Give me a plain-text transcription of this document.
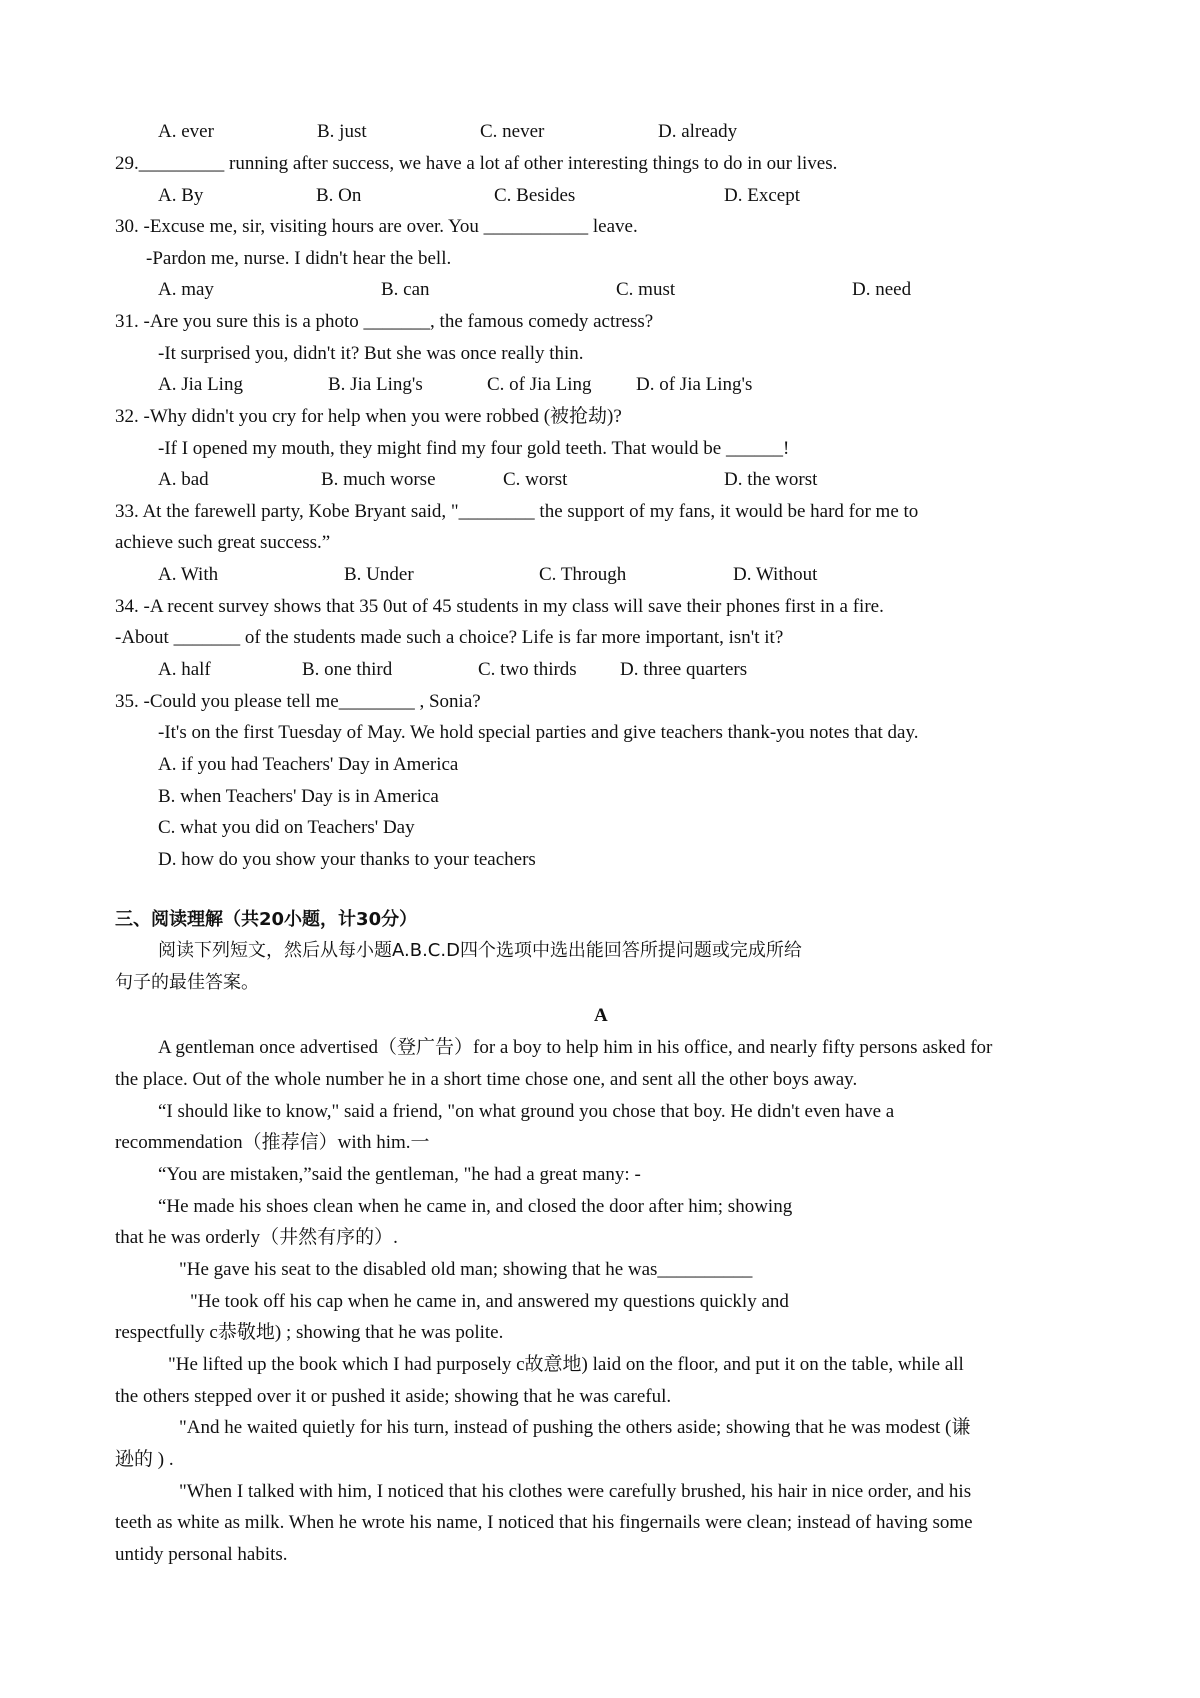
A. ever	B. just	C. never	D. already
29._________ running after success, we have a lot af other interesting things to do in our lives.
A. By	B. On	C. Besides	D. Except
30. -Excuse me, sir, visiting hours are over. You ___________ leave.
-Pardon me, nurse. I didn't hear the bell.
A. may	B. can	C. must	D. need
31. -Are you sure this is a photo _______, the famous comedy actress?
-It surprised you, didn't it? But she was once really thin.
A. Jia Ling	B. Jia Ling's	C. of Jia Ling D. of Jia Ling's
32. -Why didn't you cry for help when you were robbed (被抢劫)?
-If I opened my mouth, they might find my four gold teeth. That would be ______!
A. bad	B. much worse	C. worst	D. the worst
33. At the farewell party, Kobe Bryant said, "________ the support of my fans, it would be hard for me to
achieve such great success.”
A. With	B. Under	C. Through	D. Without
34. -A recent survey shows that 35 0ut of 45 students in my class will save their phones first in a fire.
-About _______ of the students made such a choice? Life is far more important, isn't it?
A. half	B. one third	C. two thirds D. three quarters
35. -Could you please tell me________ , Sonia?
-It's on the first Tuesday of May. We hold special parties and give teachers thank-you notes that day.
A. if you had Teachers' Day in America
B. when Teachers' Day is in America
C. what you did on Teachers' Day
D. how do you show your thanks to your teachers
三、阅读理解（共20小题，计30分）
阅读下列短文，然后从每小题A.B.C.D四个选项中选出能回答所提问题或完成所给
句子的最佳答案。
A
A gentleman once advertised（登广告）for a boy to help him in his office, and nearly fifty persons asked for
the place. Out of the whole number he in a short time chose one, and sent all the other boys away.
“I should like to know," said a friend, "on what ground you chose that boy. He didn't even have a
recommendation（推荐信）with him.一
“You are mistaken,”said the gentleman, "he had a great many: -
“He made his shoes clean when he came in, and closed the door after him; showing
that he was orderly（井然有序的）.
"He gave his seat to the disabled old man; showing that he was__________
"He took off his cap when he came in, and answered my questions quickly and
respectfully c恭敬地) ; showing that he was polite.
"He lifted up the book which I had purposely c故意地) laid on the floor, and put it on the table, while all
the others stepped over it or pushed it aside; showing that he was careful.
"And he waited quietly for his turn, instead of pushing the others aside; showing that he was modest (谦
逊的 ) .
"When I talked with him, I noticed that his clothes were carefully brushed, his hair in nice order, and his
teeth as white as milk. When he wrote his name, I noticed that his fingernails were clean; instead of having some
untidy personal habits.
